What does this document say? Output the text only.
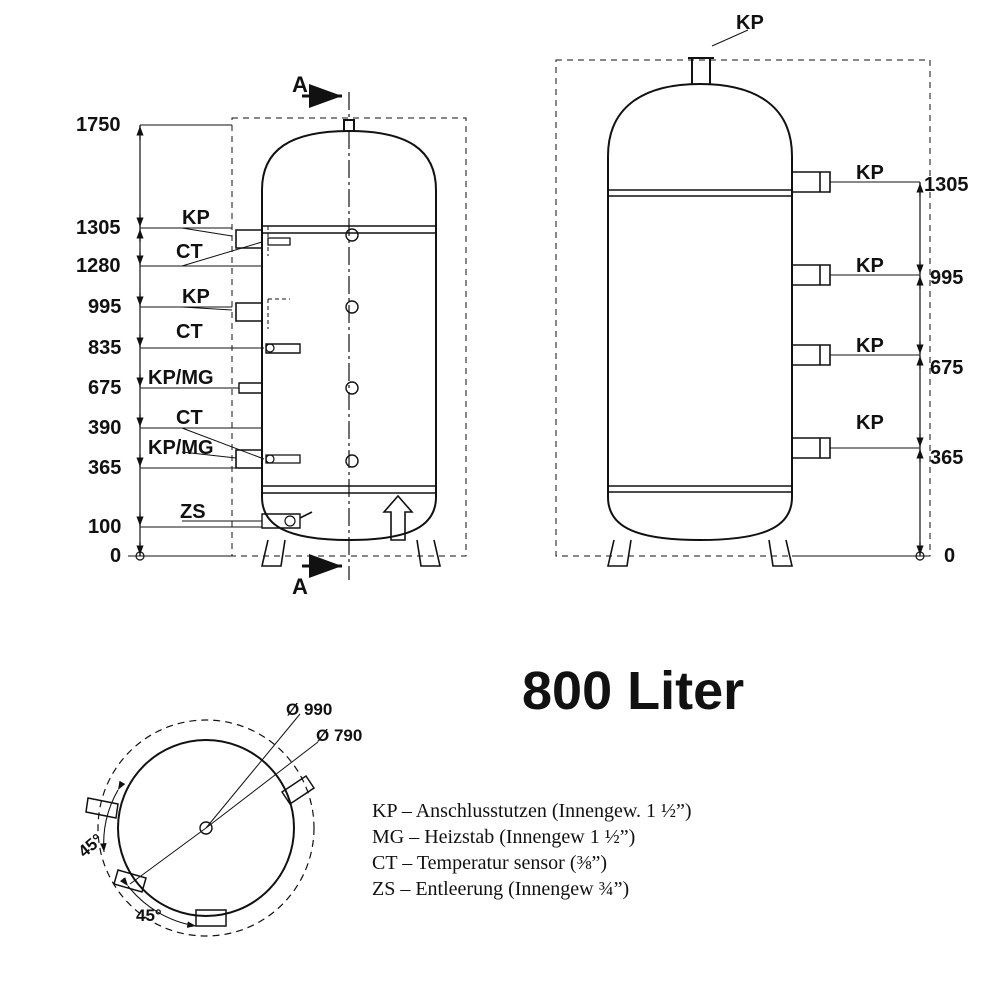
1750
1305
1280
995
835
675
390
365
100
0
KP
CT
KP
CT
KP/MG
CT
KP/MG
ZS
A
A
KP
KP
KP
KP
KP
1305
995
675
365
0
Ø 990
Ø 790
45°
45°
800 Liter
KP – Anschlusstutzen (Innengew. 1 ½”)
MG – Heizstab (Innengew 1 ½”)
CT – Temperatur sensor (⅜”)
ZS – Entleerung (Innengew ¾”)
